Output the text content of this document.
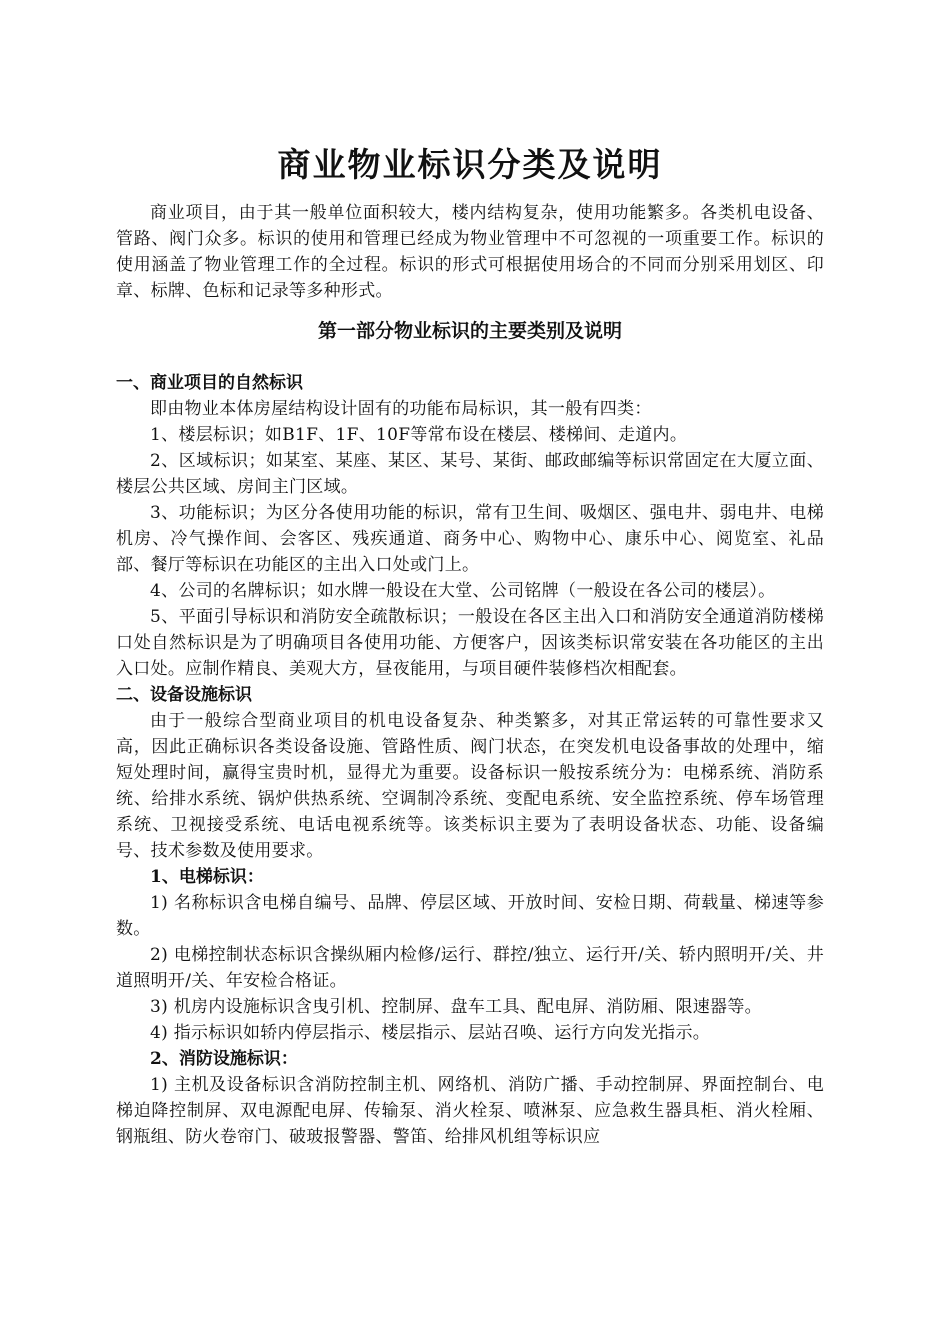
商业物业标识分类及说明

商业项目，由于其一般单位面积较大，楼内结构复杂，使用功能繁多。各类机电设备、管路、阀门众多。标识的使用和管理已经成为物业管理中不可忽视的一项重要工作。标识的使用涵盖了物业管理工作的全过程。标识的形式可根据使用场合的不同而分别采用划区、印章、标牌、色标和记录等多种形式。

第一部分物业标识的主要类别及说明
一、商业项目的自然标识

即由物业本体房屋结构设计固有的功能布局标识，其一般有四类：

1、楼层标识；如B1F、1F、10F等常布设在楼层、楼梯间、走道内。

2、区域标识；如某室、某座、某区、某号、某街、邮政邮编等标识常固定在大厦立面、楼层公共区域、房间主门区域。

3、功能标识；为区分各使用功能的标识，常有卫生间、吸烟区、强电井、弱电井、电梯机房、冷气操作间、会客区、残疾通道、商务中心、购物中心、康乐中心、阅览室、礼品部、餐厅等标识在功能区的主出入口处或门上。

4、公司的名牌标识；如水牌一般设在大堂、公司铭牌（一般设在各公司的楼层）。

5、平面引导标识和消防安全疏散标识；一般设在各区主出入口和消防安全通道消防楼梯口处自然标识是为了明确项目各使用功能、方便客户，因该类标识常安装在各功能区的主出入口处。应制作精良、美观大方，昼夜能用，与项目硬件装修档次相配套。

二、设备设施标识

由于一般综合型商业项目的机电设备复杂、种类繁多，对其正常运转的可靠性要求又高，因此正确标识各类设备设施、管路性质、阀门状态，在突发机电设备事故的处理中，缩短处理时间，赢得宝贵时机，显得尤为重要。设备标识一般按系统分为：电梯系统、消防系统、给排水系统、锅炉供热系统、空调制冷系统、变配电系统、安全监控系统、停车场管理系统、卫视接受系统、电话电视系统等。该类标识主要为了表明设备状态、功能、设备编号、技术参数及使用要求。

1、电梯标识：

1) 名称标识含电梯自编号、品牌、停层区域、开放时间、安检日期、荷载量、梯速等参数。

2) 电梯控制状态标识含操纵厢内检修/运行、群控/独立、运行开/关、轿内照明开/关、井道照明开/关、年安检合格证。

3) 机房内设施标识含曳引机、控制屏、盘车工具、配电屏、消防厢、限速器等。

4) 指示标识如轿内停层指示、楼层指示、层站召唤、运行方向发光指示。

2、消防设施标识：

1) 主机及设备标识含消防控制主机、网络机、消防广播、手动控制屏、界面控制台、电梯迫降控制屏、双电源配电屏、传输泵、消火栓泵、喷淋泵、应急救生器具柜、消火栓厢、钢瓶组、防火卷帘门、破玻报警器、警笛、给排风机组等标识应
